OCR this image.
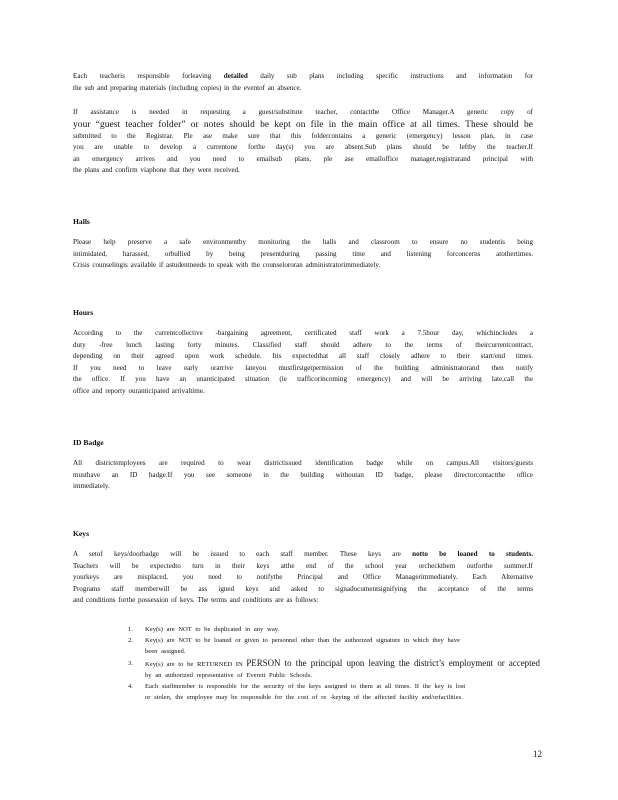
Each teacheris responsible forleaving detailed daily sub plans including specific instructions and information for
the sub and preparing materials (including copies) in the eventof an absence.

If assistance is needed in requesting a guest/substitute teacher, contactthe Office Manager.A generic copy of
your “guest teacher folder” or notes should be kept on file in the main office at all times. These should be
submitted to the Registrar. Ple ase make sure that this foldercontains a generic (emergency) lesson plan, in case
you are unable to develop a currentone forthe day(s) you are absent.Sub plans should be leftby the teacher.If
an emergency arrives and you need to emailsub plans, ple ase emailoffice manager,registrarand principal with
the plans and confirm viaphone that they were received.

Halls

Please help preserve a safe environmentby monitoring the halls and classroom to ensure no studentis being
intimidated, harassed, orbullied by being presentduring passing time and listening forconcerns atothertimes.
Crisis counselingis available if astudentneeds to speak with the counselororan administratorimmediately.

Hours

According to the currentcollective -bargaining agreement, certificated staff work a 7.5hour day, whichincludes a
duty -free lunch lasting forty minutes. Classified staff should adhere to the terms of theircurrentcontract,
depending on their agreed upon work schedule. Itis expectedthat all staff closely adhere to their start/end times.
If you need to leave early orarrive lateyou mustfirstgetpermission of the building administratorand then notify
the office. If you have an unanticipated situation (ie trafficorincoming emergency) and will be arriving late,call the
office and reporty ouranticipated arrivaltime.

ID Badge

All districtemployees are required to wear districtissued identification badge while on campus.All visitors/guests
musthave an ID badge.If you see someone in the building withoutan ID badge, please directorcontactthe office
immediately.

Keys

A setof keys/doorbadge will be issued to each staff member. These keys are notto be loaned to students.
Teachers will be expectedto turn in their keys atthe end of the school year orcheckthem outforthe summer.If
yourkeys are misplaced, you need to notifythe Principal and Office Managerimmediately. Each Alternative
Programs staff memberwill be ass igned keys and asked to signadocumentsignifying the acceptance of the terms
and conditions forthe possession of keys. The terms and conditions are as follows:

1. Key(s) are NOT to be duplicated in any way.
2. Key(s) are NOT to be loaned or given to personnel other than the authorized signature in which they have
been assigned.
3. Key(s) are to be RETURNED IN PERSON to the principal upon leaving the district’s employment or accepted
by an authorized representative of Everett Public Schools.
4. Each staffmember is responsible for the security of the keys assigned to them at all times. If the key is lost
or stolen, the employee may be responsible for the cost of re -keying of the affected facility and/orfacilities.
12
